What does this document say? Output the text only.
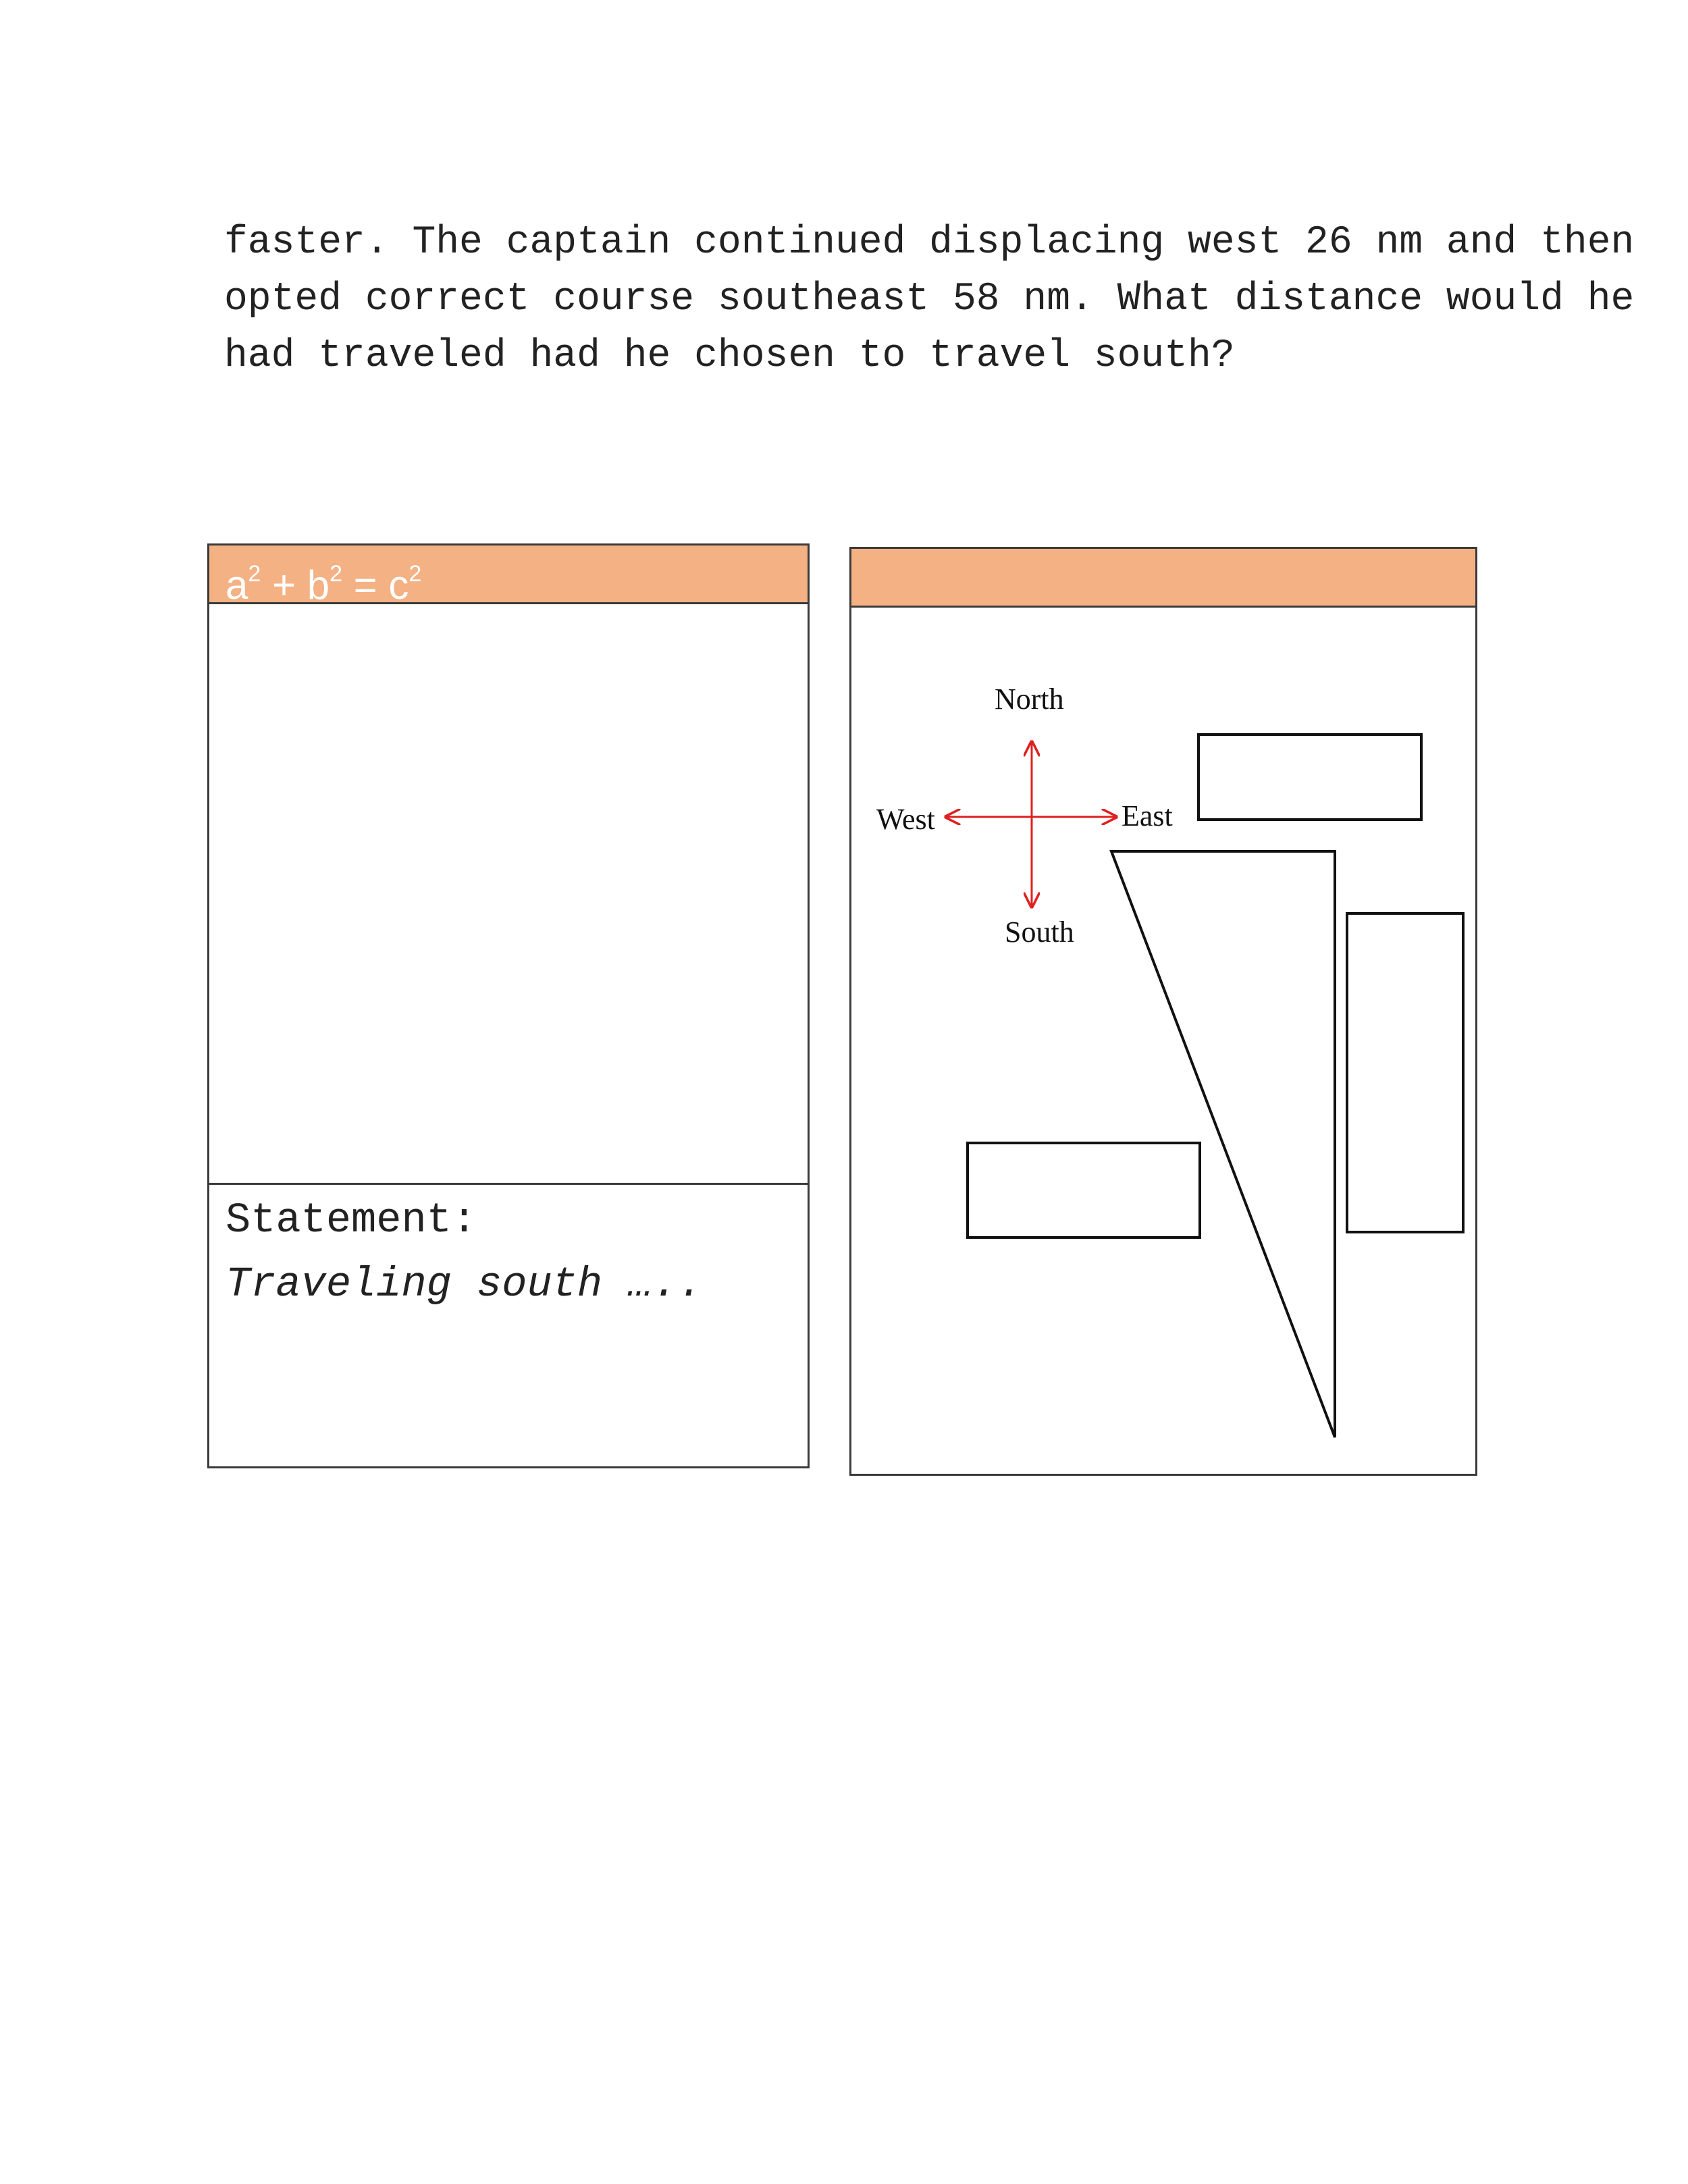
faster. The captain continued displacing west 26 nm and then
opted correct course southeast 58 nm. What distance would he
had traveled had he chosen to travel south?

$a^2 + b^2 = c^2$
Statement:
Traveling south …..
North
South
East
West
